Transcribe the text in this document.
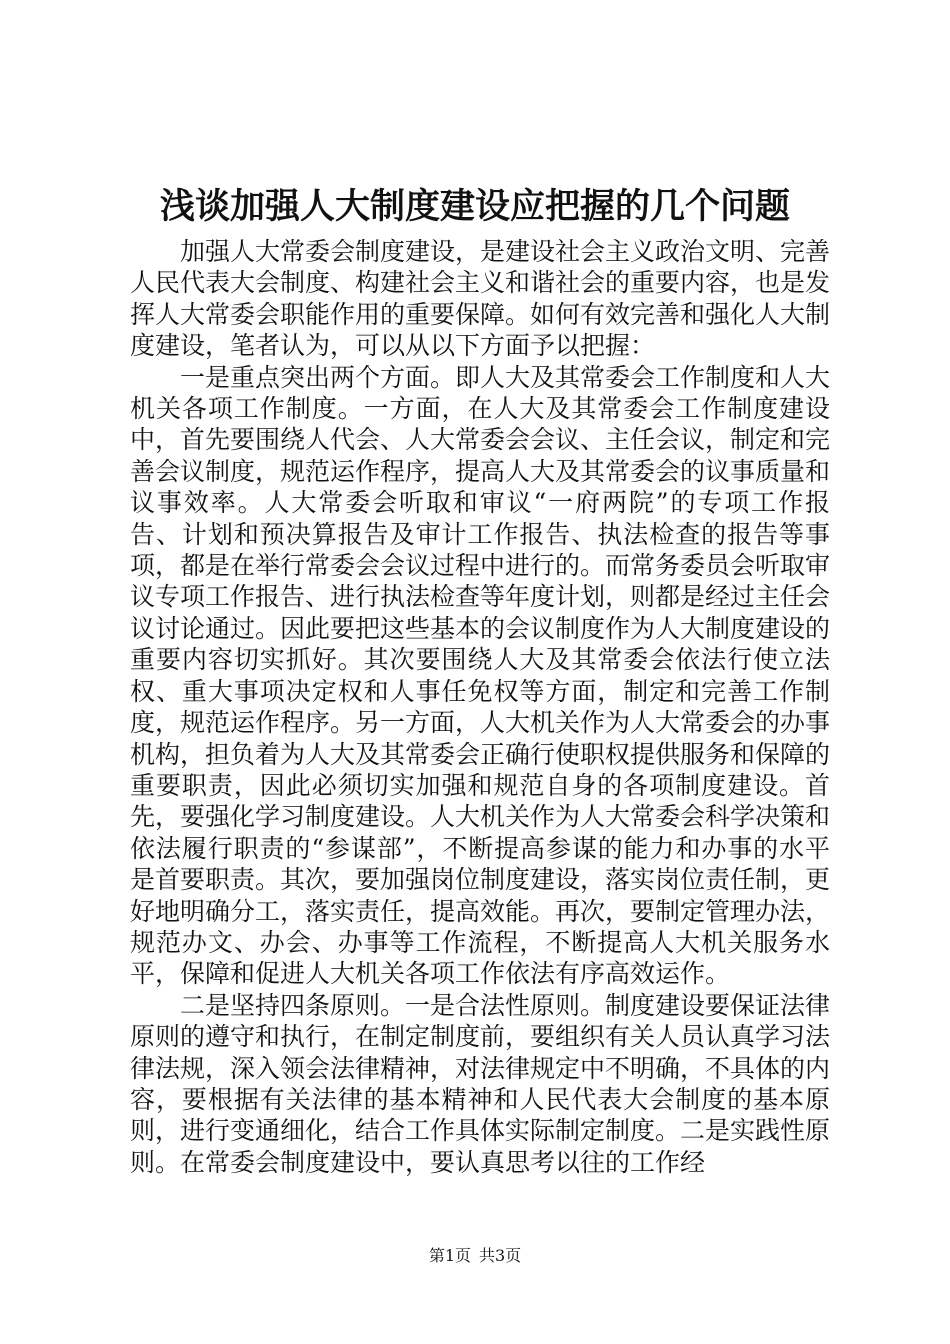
浅谈加强人大制度建设应把握的几个问题

加强人大常委会制度建设，是建设社会主义政治文明、完善人民代表大会制度、构建社会主义和谐社会的重要内容，也是发挥人大常委会职能作用的重要保障。如何有效完善和强化人大制度建设，笔者认为，可以从以下方面予以把握：

一是重点突出两个方面。即人大及其常委会工作制度和人大机关各项工作制度。一方面，在人大及其常委会工作制度建设中，首先要围绕人代会、人大常委会会议、主任会议，制定和完善会议制度，规范运作程序，提高人大及其常委会的议事质量和议事效率。人大常委会听取和审议“一府两院”的专项工作报告、计划和预决算报告及审计工作报告、执法检查的报告等事项，都是在举行常委会会议过程中进行的。而常务委员会听取审议专项工作报告、进行执法检查等年度计划，则都是经过主任会议讨论通过。因此要把这些基本的会议制度作为人大制度建设的重要内容切实抓好。其次要围绕人大及其常委会依法行使立法权、重大事项决定权和人事任免权等方面，制定和完善工作制度，规范运作程序。另一方面，人大机关作为人大常委会的办事机构，担负着为人大及其常委会正确行使职权提供服务和保障的重要职责，因此必须切实加强和规范自身的各项制度建设。首先，要强化学习制度建设。人大机关作为人大常委会科学决策和依法履行职责的“参谋部”，不断提高参谋的能力和办事的水平是首要职责。其次，要加强岗位制度建设，落实岗位责任制，更好地明确分工，落实责任，提高效能。再次，要制定管理办法，规范办文、办会、办事等工作流程，不断提高人大机关服务水平，保障和促进人大机关各项工作依法有序高效运作。

二是坚持四条原则。一是合法性原则。制度建设要保证法律原则的遵守和执行，在制定制度前，要组织有关人员认真学习法律法规，深入领会法律精神，对法律规定中不明确，不具体的内容，要根据有关法律的基本精神和人民代表大会制度的基本原则，进行变通细化，结合工作具体实际制定制度。二是实践性原则。在常委会制度建设中，要认真思考以往的工作经

第1页 共3页
